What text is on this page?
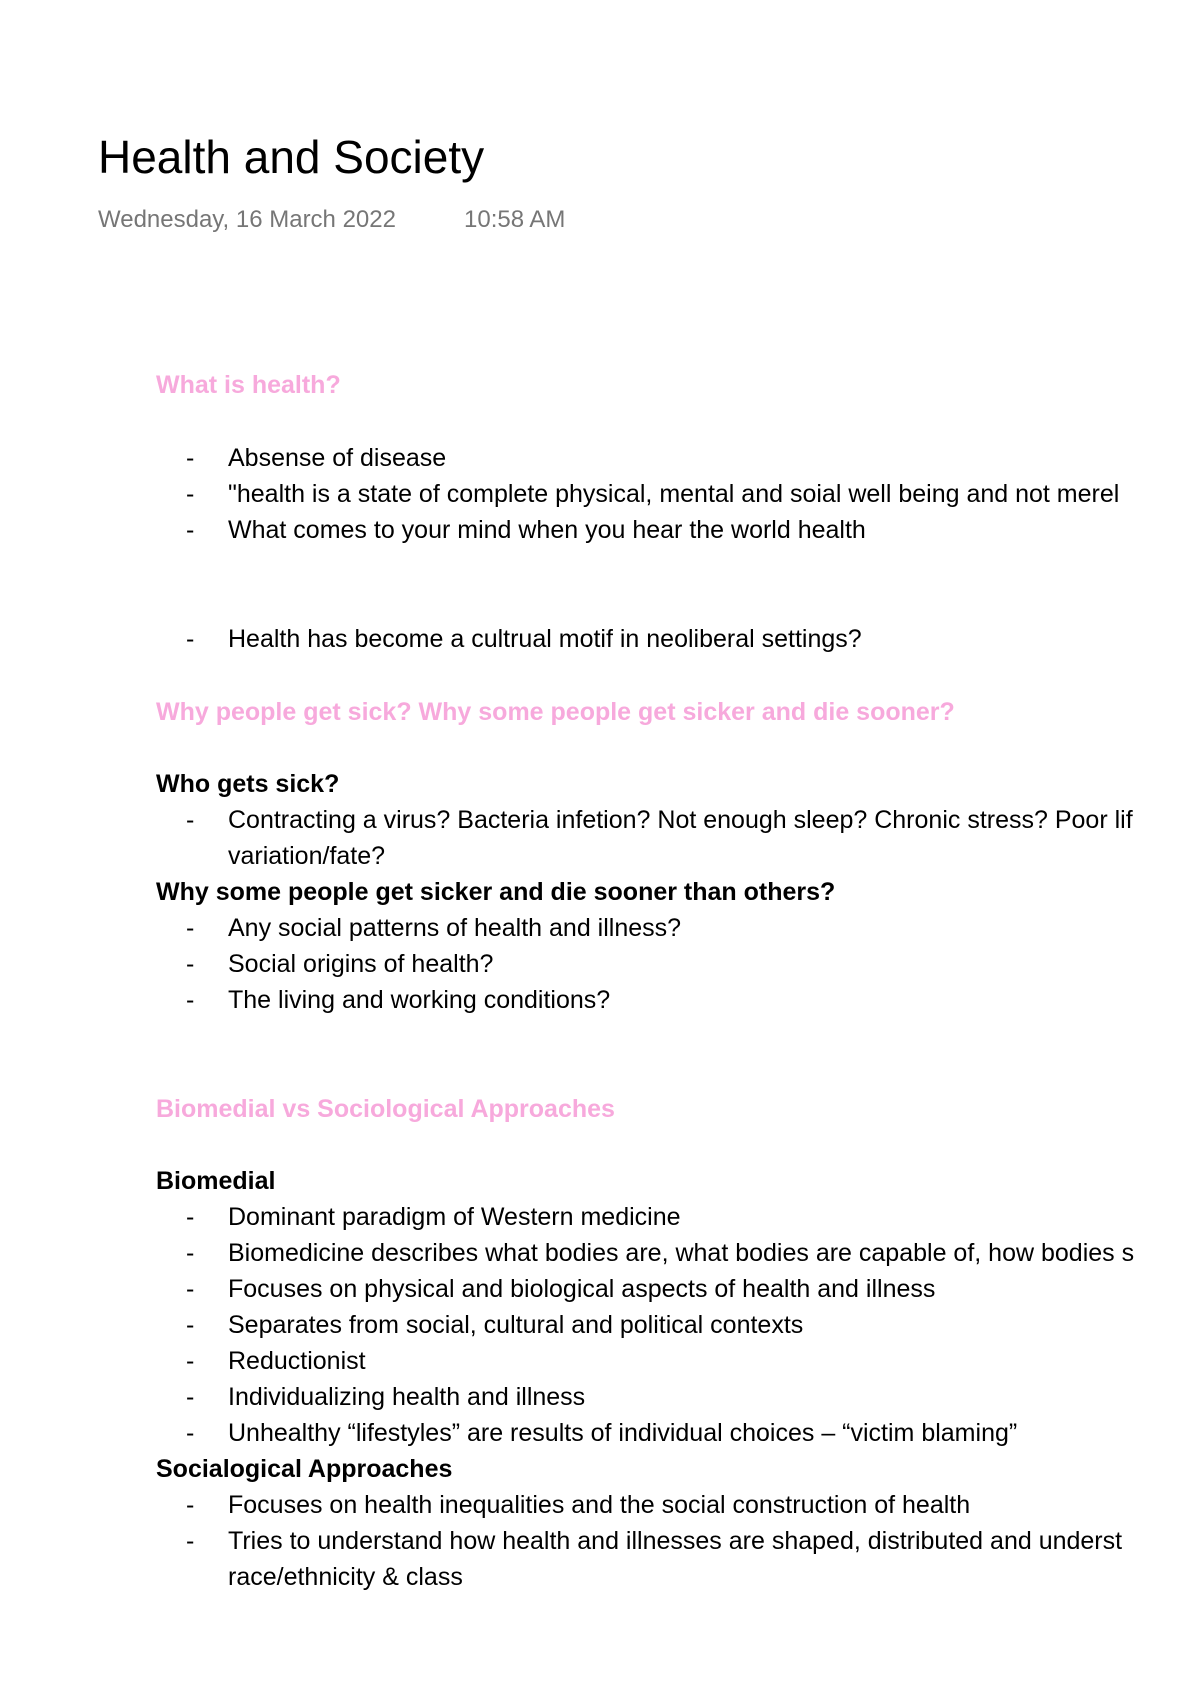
Health and Society
Wednesday, 16 March 2022	10:58 AM
What is health?
- Absense of disease
- "health is a state of complete physical, mental and soial well being and not merel
- What comes to your mind when you hear the world health
- Health has become a cultrual motif in neoliberal settings?
Why people get sick? Why some people get sicker and die sooner?
Who gets sick?
- Contracting a virus? Bacteria infetion? Not enough sleep? Chronic stress? Poor lif
variation/fate?
Why some people get sicker and die sooner than others?
- Any social patterns of health and illness?
- Social origins of health?
- The living and working conditions?
Biomedial vs Sociological Approaches
Biomedial
- Dominant paradigm of Western medicine
- Biomedicine describes what bodies are, what bodies are capable of, how bodies s
- Focuses on physical and biological aspects of health and illness
- Separates from social, cultural and political contexts
- Reductionist
- Individualizing health and illness
- Unhealthy “lifestyles” are results of individual choices – “victim blaming”
Socialogical Approaches
- Focuses on health inequalities and the social construction of health
- Tries to understand how health and illnesses are shaped, distributed and underst
race/ethnicity & class
